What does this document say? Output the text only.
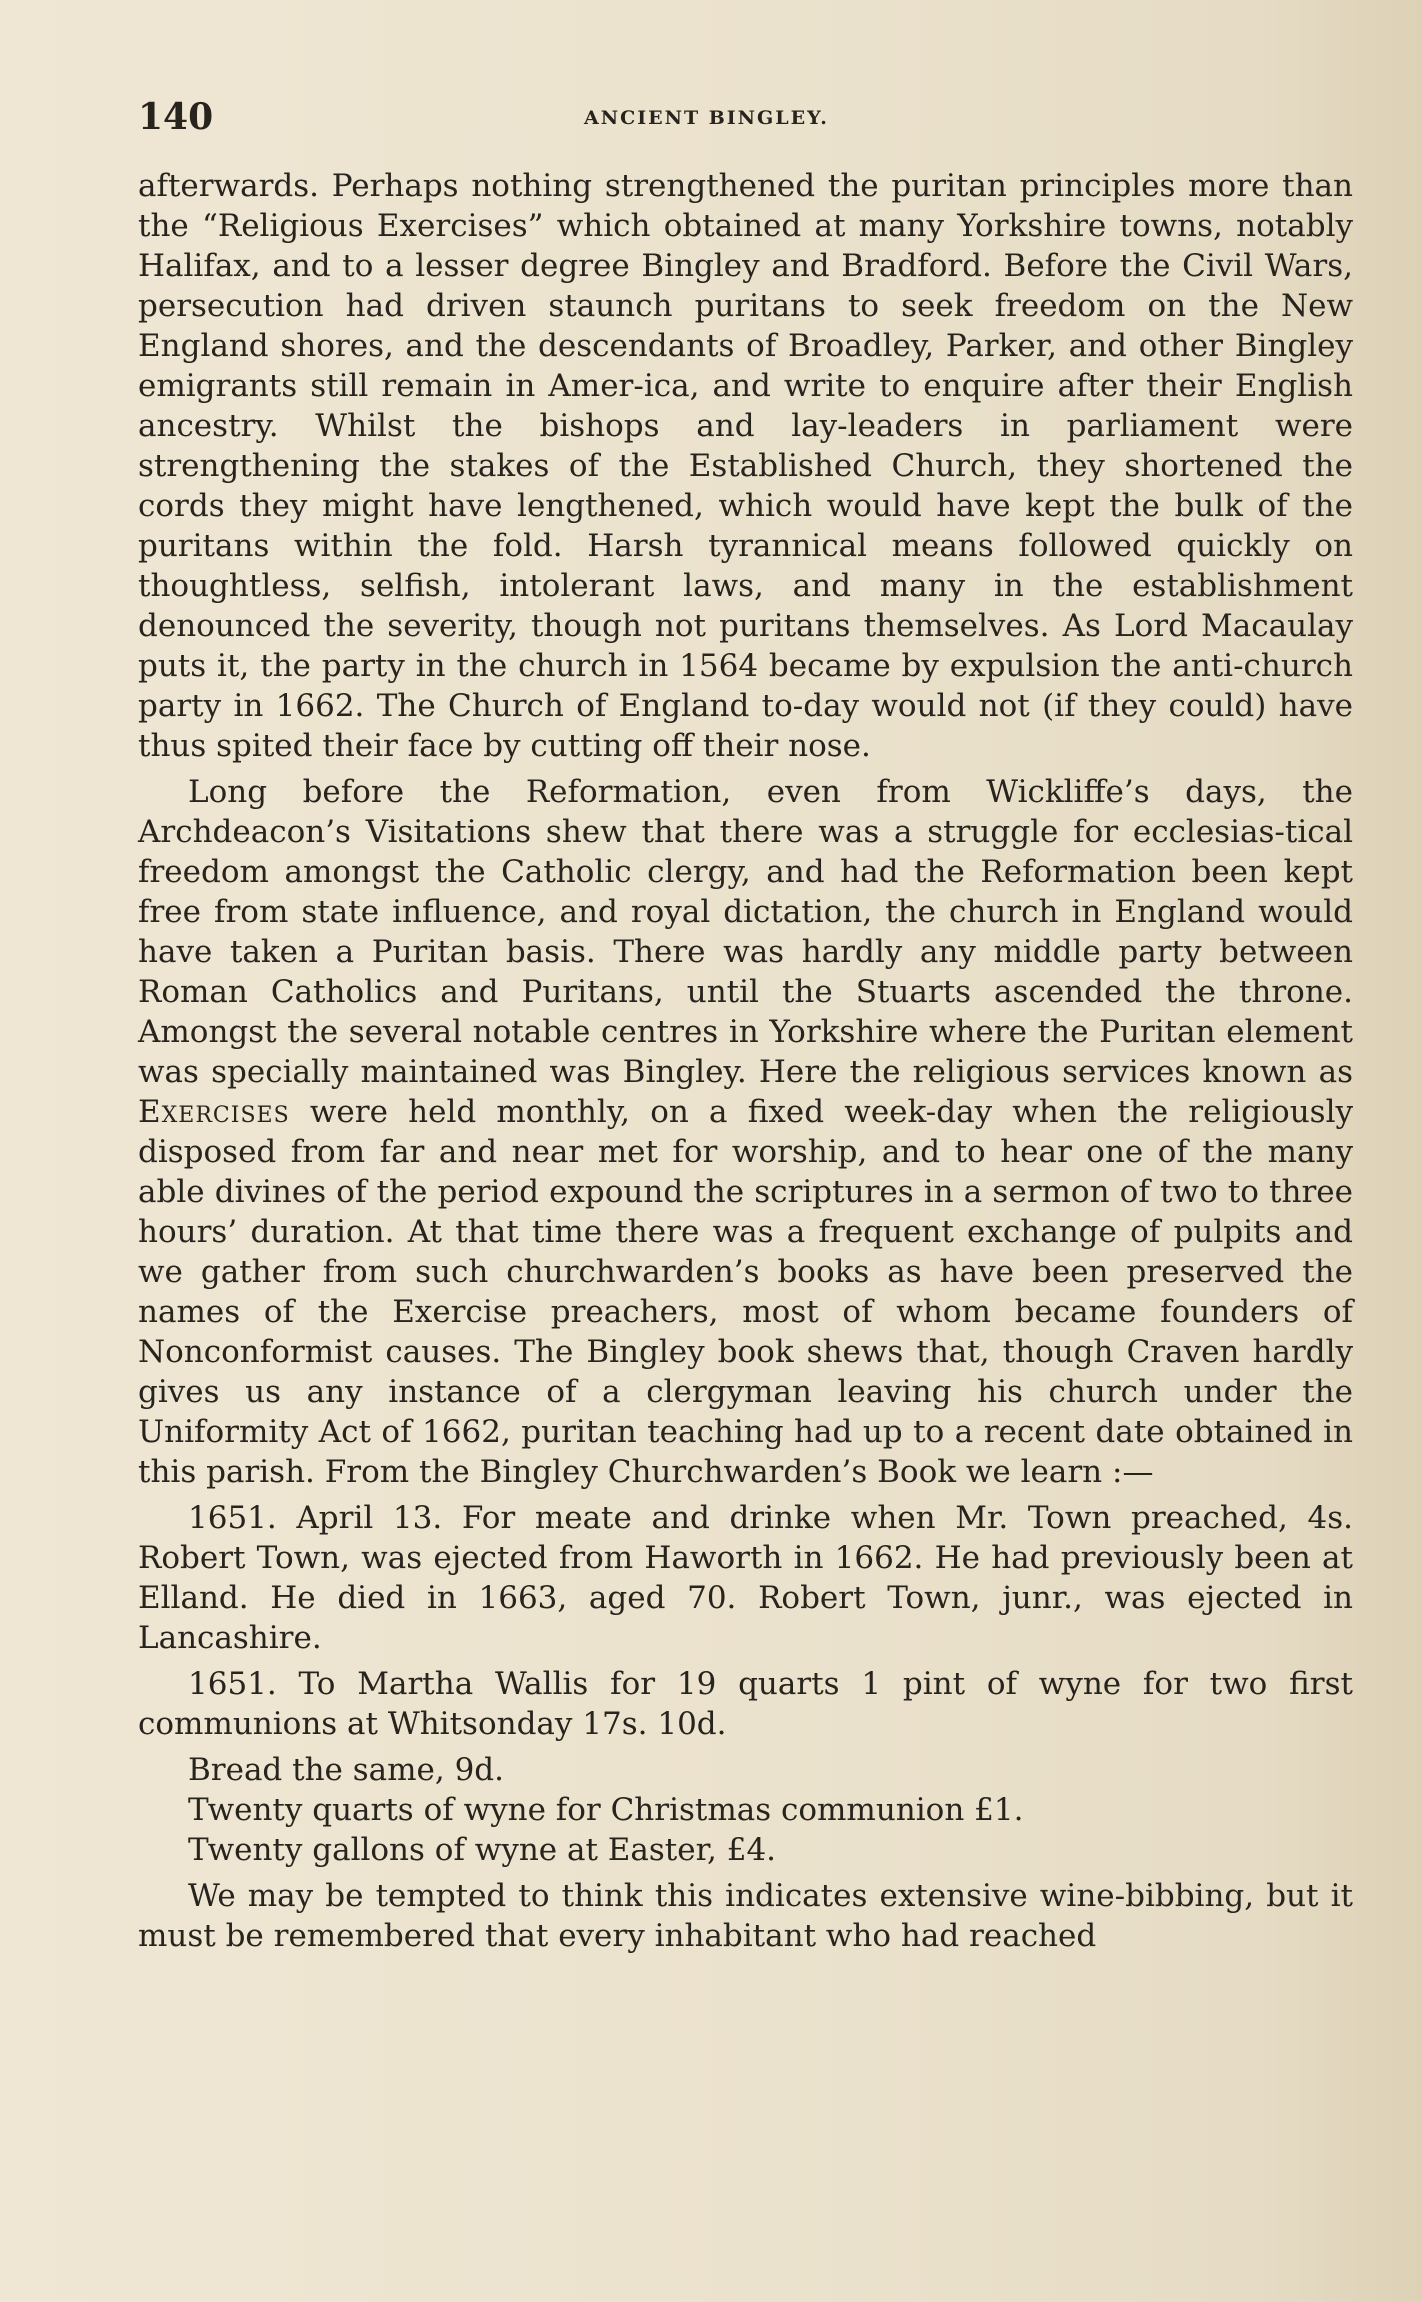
140	ANCIENT BINGLEY.

afterwards. Perhaps nothing strengthened the puritan principles more than the “Religious Exercises” which obtained at many Yorkshire towns, notably Halifax, and to a lesser degree Bingley and Bradford. Before the Civil Wars, persecution had driven staunch puritans to seek freedom on the New England shores, and the descendants of Broadley, Parker, and other Bingley emigrants still remain in Amer-ica, and write to enquire after their English ancestry. Whilst the bishops and lay-leaders in parliament were strengthening the stakes of the Established Church, they shortened the cords they might have lengthened, which would have kept the bulk of the puritans within the fold. Harsh tyrannical means followed quickly on thoughtless, selfish, intolerant laws, and many in the establishment denounced the severity, though not puritans themselves. As Lord Macaulay puts it, the party in the church in 1564 became by expulsion the anti-church party in 1662. The Church of England to-day would not (if they could) have thus spited their face by cutting off their nose.

Long before the Reformation, even from Wickliffe’s days, the Archdeacon’s Visitations shew that there was a struggle for ecclesias-tical freedom amongst the Catholic clergy, and had the Reformation been kept free from state influence, and royal dictation, the church in England would have taken a Puritan basis. There was hardly any middle party between Roman Catholics and Puritans, until the Stuarts ascended the throne. Amongst the several notable centres in Yorkshire where the Puritan element was specially maintained was Bingley. Here the religious services known as Exercises were held monthly, on a fixed week-day when the religiously disposed from far and near met for worship, and to hear one of the many able divines of the period expound the scriptures in a sermon of two to three hours’ duration. At that time there was a frequent exchange of pulpits and we gather from such churchwarden’s books as have been preserved the names of the Exercise preachers, most of whom became founders of Nonconformist causes. The Bingley book shews that, though Craven hardly gives us any instance of a clergyman leaving his church under the Uniformity Act of 1662, puritan teaching had up to a recent date obtained in this parish. From the Bingley Churchwarden’s Book we learn :—

1651. April 13. For meate and drinke when Mr. Town preached, 4s. Robert Town, was ejected from Haworth in 1662. He had previously been at Elland. He died in 1663, aged 70. Robert Town, junr., was ejected in Lancashire.

1651. To Martha Wallis for 19 quarts 1 pint of wyne for two first communions at Whitsonday 17s. 10d.

Bread the same, 9d.

Twenty quarts of wyne for Christmas communion £1.

Twenty gallons of wyne at Easter, £4.

We may be tempted to think this indicates extensive wine-bibbing, but it must be remembered that every inhabitant who had reached
